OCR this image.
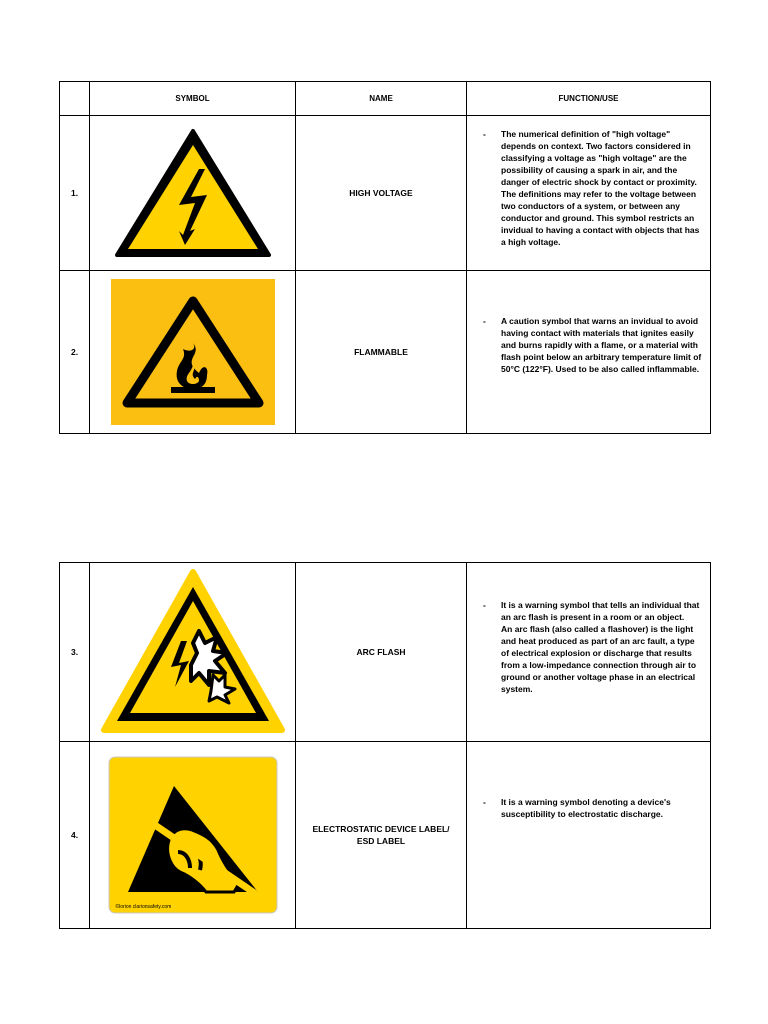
	SYMBOL	NAME	FUNCTION/USE
1.		HIGH VOLTAGE	- The numerical definition of "high voltage" depends on context. Two factors considered in classifying a voltage as "high voltage" are the possibility of causing a spark in air, and the danger of electric shock by contact or proximity. The definitions may refer to the voltage between two conductors of a system, or between any conductor and ground. This symbol restricts an invidual to having a contact with objects that has a high voltage.

2.		FLAMMABLE	- A caution symbol that warns an invidual to avoid having contact with materials that ignites easily and burns rapidly with a flame, or a material with flash point below an arbitrary temperature limit of 50°C (122°F). Used to be also called inflammable.
3.		ARC FLASH	- It is a warning symbol that tells an individual that an arc flash is present in a room or an object.
An arc flash (also called a flashover) is the light and heat produced as part of an arc fault, a type of electrical explosion or discharge that results from a low-impedance connection through air to ground or another voltage phase in an electrical system.

4.	©lorion clarionsafety.com	ELECTROSTATIC DEVICE LABEL/
ESD LABEL	- It is a warning symbol denoting a device's susceptibility to electrostatic discharge.
